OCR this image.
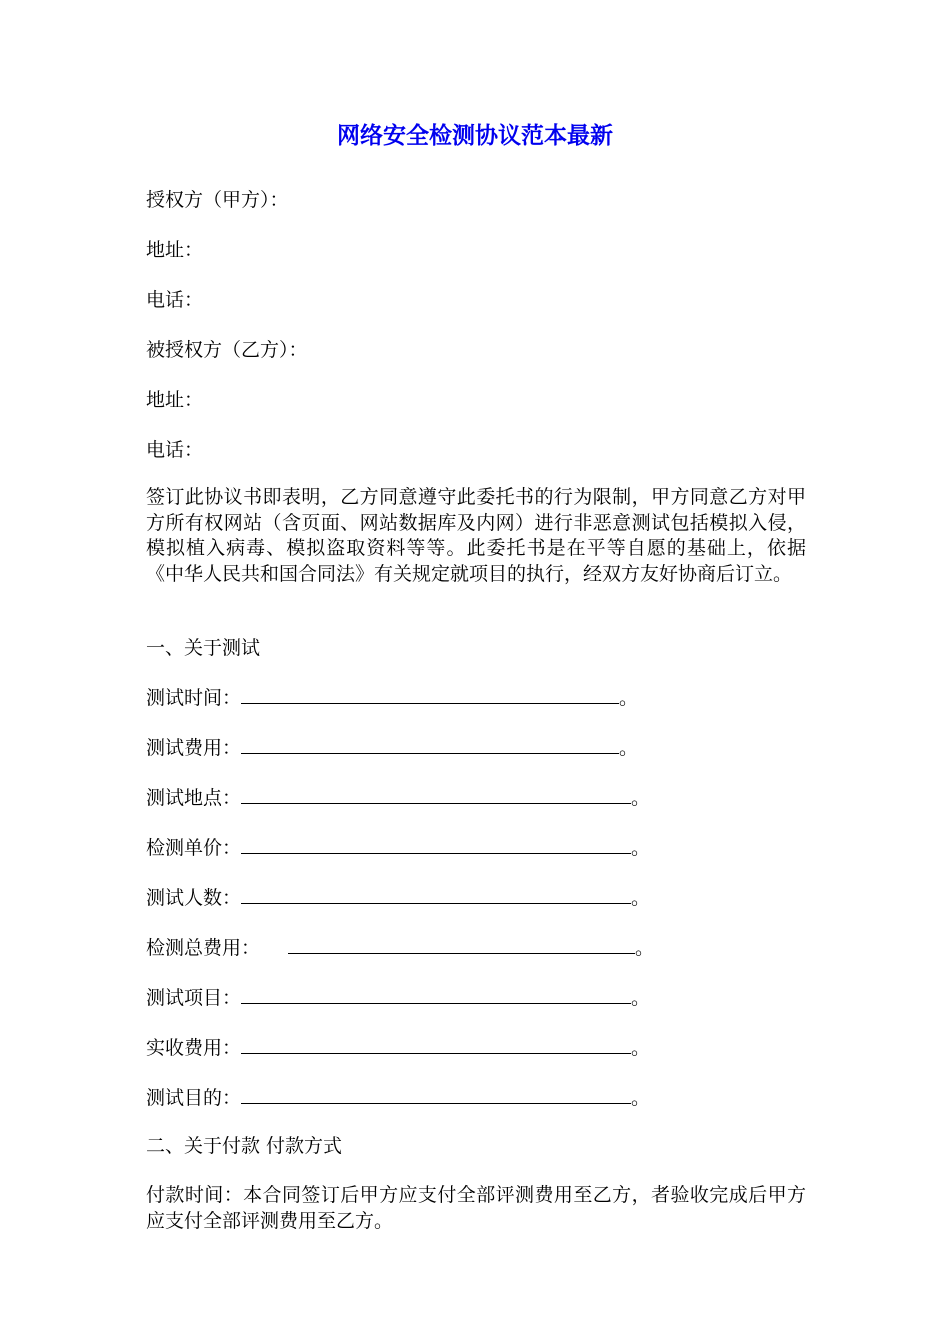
网络安全检测协议范本最新
授权方（甲方）：
地址：
电话：
被授权方（乙方）：
地址：
电话：
签订此协议书即表明，乙方同意遵守此委托书的行为限制，甲方同意乙方对甲方所有权网站（含页面、网站数据库及内网）进行非恶意测试包括模拟入侵，模拟植入病毒、模拟盗取资料等等。此委托书是在平等自愿的基础上，依据《中华人民共和国合同法》有关规定就项目的执行，经双方友好协商后订立。
一、关于测试
测试时间：	。
测试费用：	。
测试地点：	。
检测单价：	。
测试人数：	。
检测总费用：	。
测试项目：	。
实收费用：	。
测试目的：	。
二、关于付款 付款方式
付款时间：本合同签订后甲方应支付全部评测费用至乙方，者验收完成后甲方应支付全部评测费用至乙方。
